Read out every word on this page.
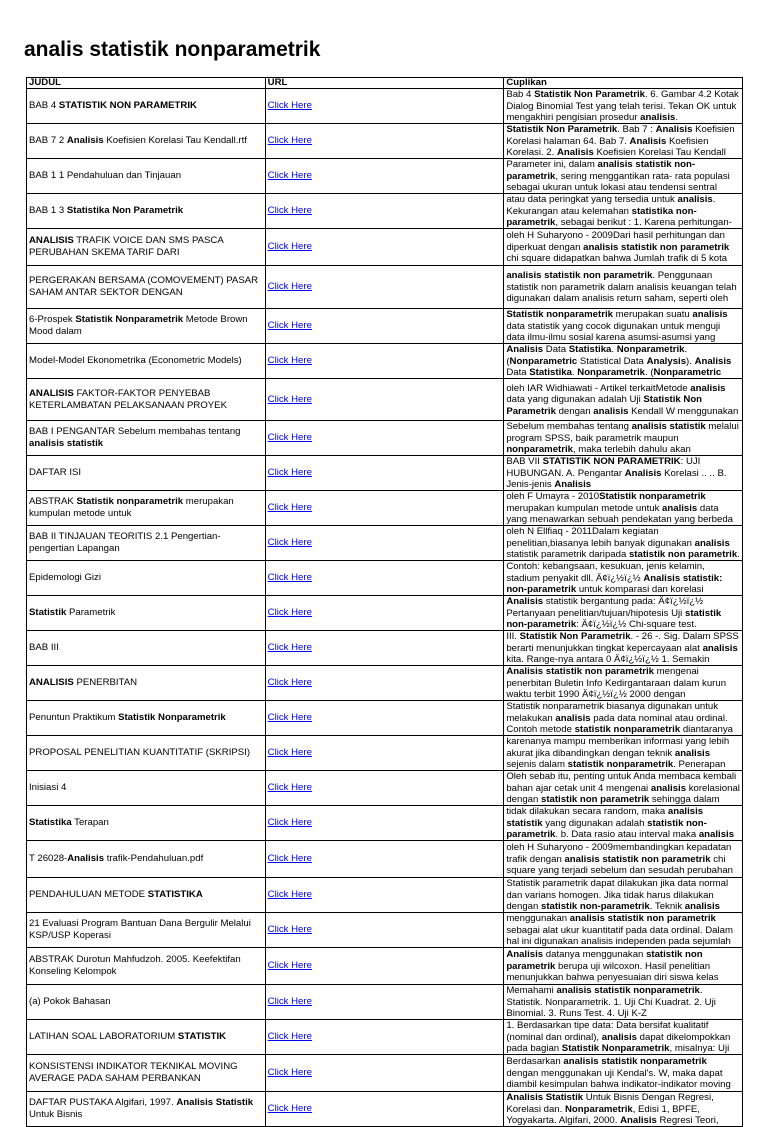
analis statistik nonparametrik
JUDUL	URL	Cuplikan

BAB 4 STATISTIK NON PARAMETRIK	Click Here	Bab 4 Statistik Non Parametrik. 6. Gambar 4.2 Kotak Dialog Binomial Test yang telah terisi. Tekan OK untuk mengakhiri pengisian prosedur analisis.

BAB 7 2 Analisis Koefisien Korelasi Tau Kendall.rtf	Click Here	Statistik Non Parametrik. Bab 7 : Analisis Koefisien Korelasi halaman 64. Bab 7. Analisis Koefisien Korelasi. 2. Analisis Koefisien Korelasi Tau Kendall

BAB 1 1 Pendahuluan dan Tinjauan	Click Here	Parameter ini, dalam analisis statistik non-parametrik, sering menggantikan rata- rata populasi sebagai ukuran untuk lokasi atau tendensi sentral

BAB 1 3 Statistika Non Parametrik	Click Here	atau data peringkat yang tersedia untuk analisis. Kekurangan atau kelemahan statistika non-parametrik, sebagai berikut : 1. Karena perhitungan-

ANALISIS TRAFIK VOICE DAN SMS PASCA PERUBAHAN SKEMA TARIF DARI	Click Here	oleh H Suharyono - 2009Dari hasil perhitungan dan diperkuat dengan analisis statistik non parametrik chi square didapatkan bahwa Jumlah trafik di 5 kota

PERGERAKAN BERSAMA (COMOVEMENT) PASAR SAHAM ANTAR SEKTOR DENGAN	Click Here	analisis statistik non parametrik. Penggunaan statistik non parametrik dalam analisis keuangan telah digunakan dalam analisis return saham, seperti oleh

6-Prospek Statistik Nonparametrik Metode Brown Mood dalam	Click Here	Statistik nonparametrik merupakan suatu analisis data statistik yang cocok digunakan untuk menguji data ilmu-ilmu sosial karena asumsi-asumsi yang

Model-Model Ekonometrika (Econometric Models)	Click Here	Analisis Data Statistika. Nonparametrik. (Nonparametric Statistical Data Analysis). Analisis Data Statistika. Nonparametrik. (Nonparametric

ANALISIS FAKTOR-FAKTOR PENYEBAB KETERLAMBATAN PELAKSANAAN PROYEK	Click Here	oleh IAR Widhiawati - Artikel terkaitMetode analisis data yang digunakan adalah Uji Statistik Non Parametrik dengan analisis Kendall W menggunakan

BAB I PENGANTAR Sebelum membahas tentang analisis statistik	Click Here	Sebelum membahas tentang analisis statistik melalui program SPSS, baik parametrik maupun nonparametrik, maka terlebih dahulu akan

DAFTAR ISI	Click Here	BAB VII STATISTIK NON PARAMETRIK: UJI HUBUNGAN. A. Pengantar Analisis Korelasi .. .. B. Jenis-jenis Analisis

ABSTRAK Statistik nonparametrik merupakan kumpulan metode untuk	Click Here	oleh F Umayra - 2010Statistik nonparametrik merupakan kumpulan metode untuk analisis data yang menawarkan sebuah pendekatan yang berbeda

BAB II TINJAUAN TEORITIS 2.1 Pengertian-pengertian Lapangan	Click Here	oleh N Ellfiaq - 2011Dalam kegiatan penelitian,biasanya lebih banyak digunakan analisis statistik parametrik daripada statistik non parametrik.

Epidemologi Gizi	Click Here	Contoh: kebangsaan, kesukuan, jenis kelamin, stadium penyakit dll. Ä¢ï¿½ï¿½ Analisis statistik: non-parametrik untuk komparasi dan korelasi

Statistik Parametrik	Click Here	Analisis statistik bergantung pada: Ä¢ï¿½ï¿½ Pertanyaan penelitian/tujuan/hipotesis Uji statistik non-parametrik: Ä¢ï¿½ï¿½ Chi-square test.

BAB III	Click Here	III. Statistik Non Parametrik. - 26 -. Sig. Dalam SPSS berarti menunjukkan tingkat kepercayaan alat analisis kita. Range-nya antara 0 Ä¢ï¿½ï¿½ 1. Semakin

ANALISIS PENERBITAN	Click Here	Analisis statistik non parametrik mengenai penerbitan Buletin Info Kedirgantaraan dalam kurun waktu terbit 1990 Ä¢ï¿½ï¿½ 2000 dengan

Penuntun Praktikum Statistik Nonparametrik	Click Here	Statistik nonparametrik biasanya digunakan untuk melakukan analisis pada data nominal atau ordinal. Contoh metode statistik nonparametrik diantaranya

PROPOSAL PENELITIAN KUANTITATIF (SKRIPSI)	Click Here	karenanya mampu memberikan informasi yang lebih akurat jika dibandingkan dengan teknik analisis sejenis dalam statistik nonparametrik. Penerapan

Inisiasi 4	Click Here	Oleh sebab itu, penting untuk Anda membaca kembali bahan ajar cetak unit 4 mengenai analisis korelasional dengan statistik non parametrik sehingga dalam

Statistika Terapan	Click Here	tidak dilakukan secara random, maka analisis statistik yang digunakan adalah statistik non-parametrik. b. Data rasio atau interval maka analisis

T 26028-Analisis trafik-Pendahuluan.pdf	Click Here	oleh H Suharyono - 2009membandingkan kepadatan trafik dengan analisis statistik non parametrik chi square yang terjadi sebelum dan sesudah perubahan

PENDAHULUAN METODE STATISTIKA	Click Here	Statistik parametrik dapat dilakukan jika data normal dan varians homogen. Jika tidak harus dilakukan dengan statistik non-parametrik. Teknik analisis

21 Evaluasi Program Bantuan Dana Bergulir Melalui KSP/USP Koperasi	Click Here	menggunakan analisis statistik non parametrik sebagai alat ukur kuantitatif pada data ordinal. Dalam hal ini digunakan analisis independen pada sejumlah

ABSTRAK Durotun Mahfudzoh. 2005. Keefektifan Konseling Kelompok	Click Here	Analisis datanya menggunakan statistik non parametrik berupa uji wilcoxon. Hasil penelitian menunjukkan bahwa penyesuaian diri siswa kelas

(a) Pokok Bahasan	Click Here	Memahami analisis statistik nonparametrik. Statistik. Nonparametrik. 1. Uji Chi Kuadrat. 2. Uji Binomial. 3. Runs Test. 4. Uji K-Z

LATIHAN SOAL LABORATORIUM STATISTIK	Click Here	1. Berdasarkan tipe data: Data bersifat kualitatif (nominal dan ordinal), analisis dapat dikelompokkan pada bagian Statistik Nonparametrik, misalnya: Uji

KONSISTENSI INDIKATOR TEKNIKAL MOVING AVERAGE PADA SAHAM PERBANKAN	Click Here	Berdasarkan analisis statistik nonparametrik dengan menggunakan uji Kendal's. W, maka dapat diambil kesimpulan bahwa indikator-indikator moving

DAFTAR PUSTAKA Algifari, 1997. Analisis Statistik Untuk Bisnis	Click Here	Analisis Statistik Untuk Bisnis Dengan Regresi, Korelasi dan. Nonparametrik, Edisi 1, BPFE, Yogyakarta. Algifari, 2000. Analisis Regresi Teori,
